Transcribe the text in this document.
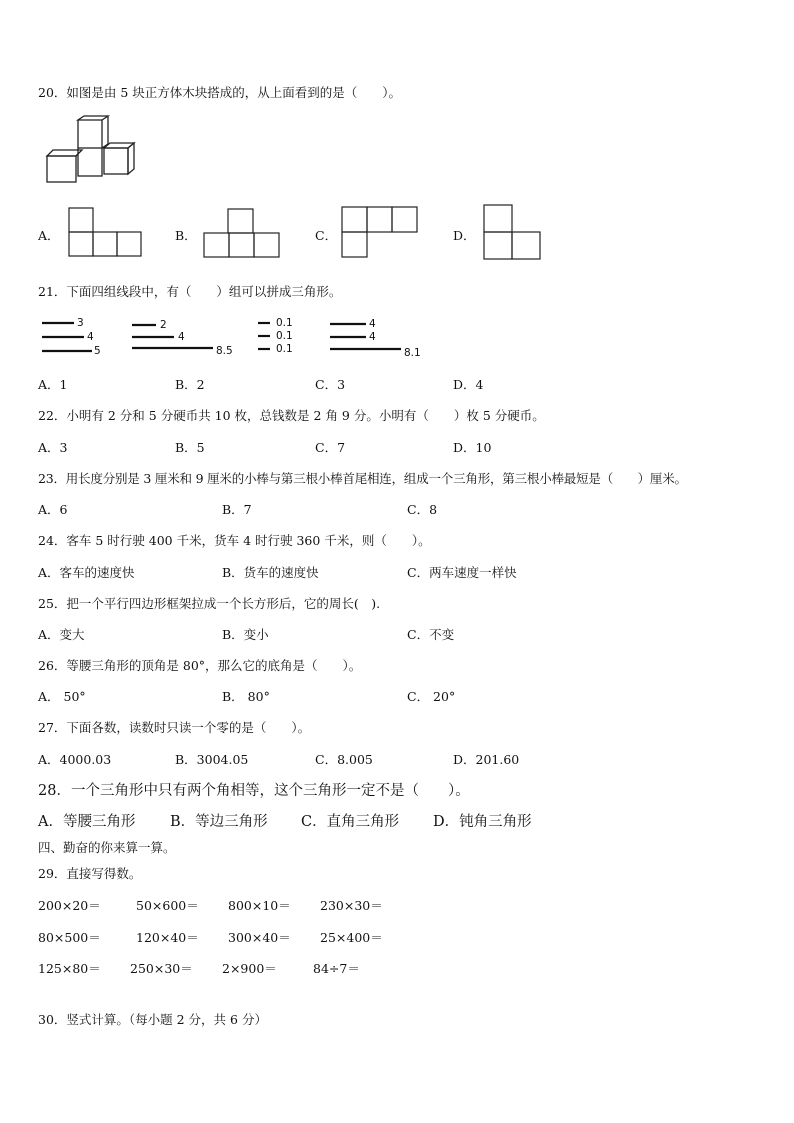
20．如图是由 5 块正方体木块搭成的，从上面看到的是（　　）。
A．	B．	C．	D．
21．下面四组线段中，有（　　）组可以拼成三角形。
3
4
5
2
4
8.5
0.1
0.1
0.1
4
4
8.1
A．1	B．2	C．3	D．4
22．小明有 2 分和 5 分硬币共 10 枚，总钱数是 2 角 9 分。小明有（　　）枚 5 分硬币。
A．3	B．5	C．7	D．10
23．用长度分别是 3 厘米和 9 厘米的小棒与第三根小棒首尾相连，组成一个三角形，第三根小棒最短是（　　）厘米。
A．6	B．7	C．8
24．客车 5 时行驶 400 千米，货车 4 时行驶 360 千米，则（　　）。
A．客车的速度快	B．货车的速度快	C．两车速度一样快
25．把一个平行四边形框架拉成一个长方形后，它的周长(　).
A．变大	B．变小	C．不变
26．等腰三角形的顶角是 80°，那么它的底角是（　　）。
A． 50°	B． 80°	C． 20°
27．下面各数，读数时只读一个零的是（　　）。
A．4000.03	B．3004.05	C．8.005	D．201.60
28．一个三角形中只有两个角相等，这个三角形一定不是（　　）。
A．等腰三角形 B．等边三角形 C．直角三角形 D．钝角三角形
四、勤奋的你来算一算。
29．直接写得数。
200×20＝	50×600＝ 800×10＝ 230×30＝
80×500＝	120×40＝ 300×40＝ 25×400＝
125×80＝ 250×30＝ 2×900＝	84÷7＝
30．竖式计算。（每小题 2 分，共 6 分）
